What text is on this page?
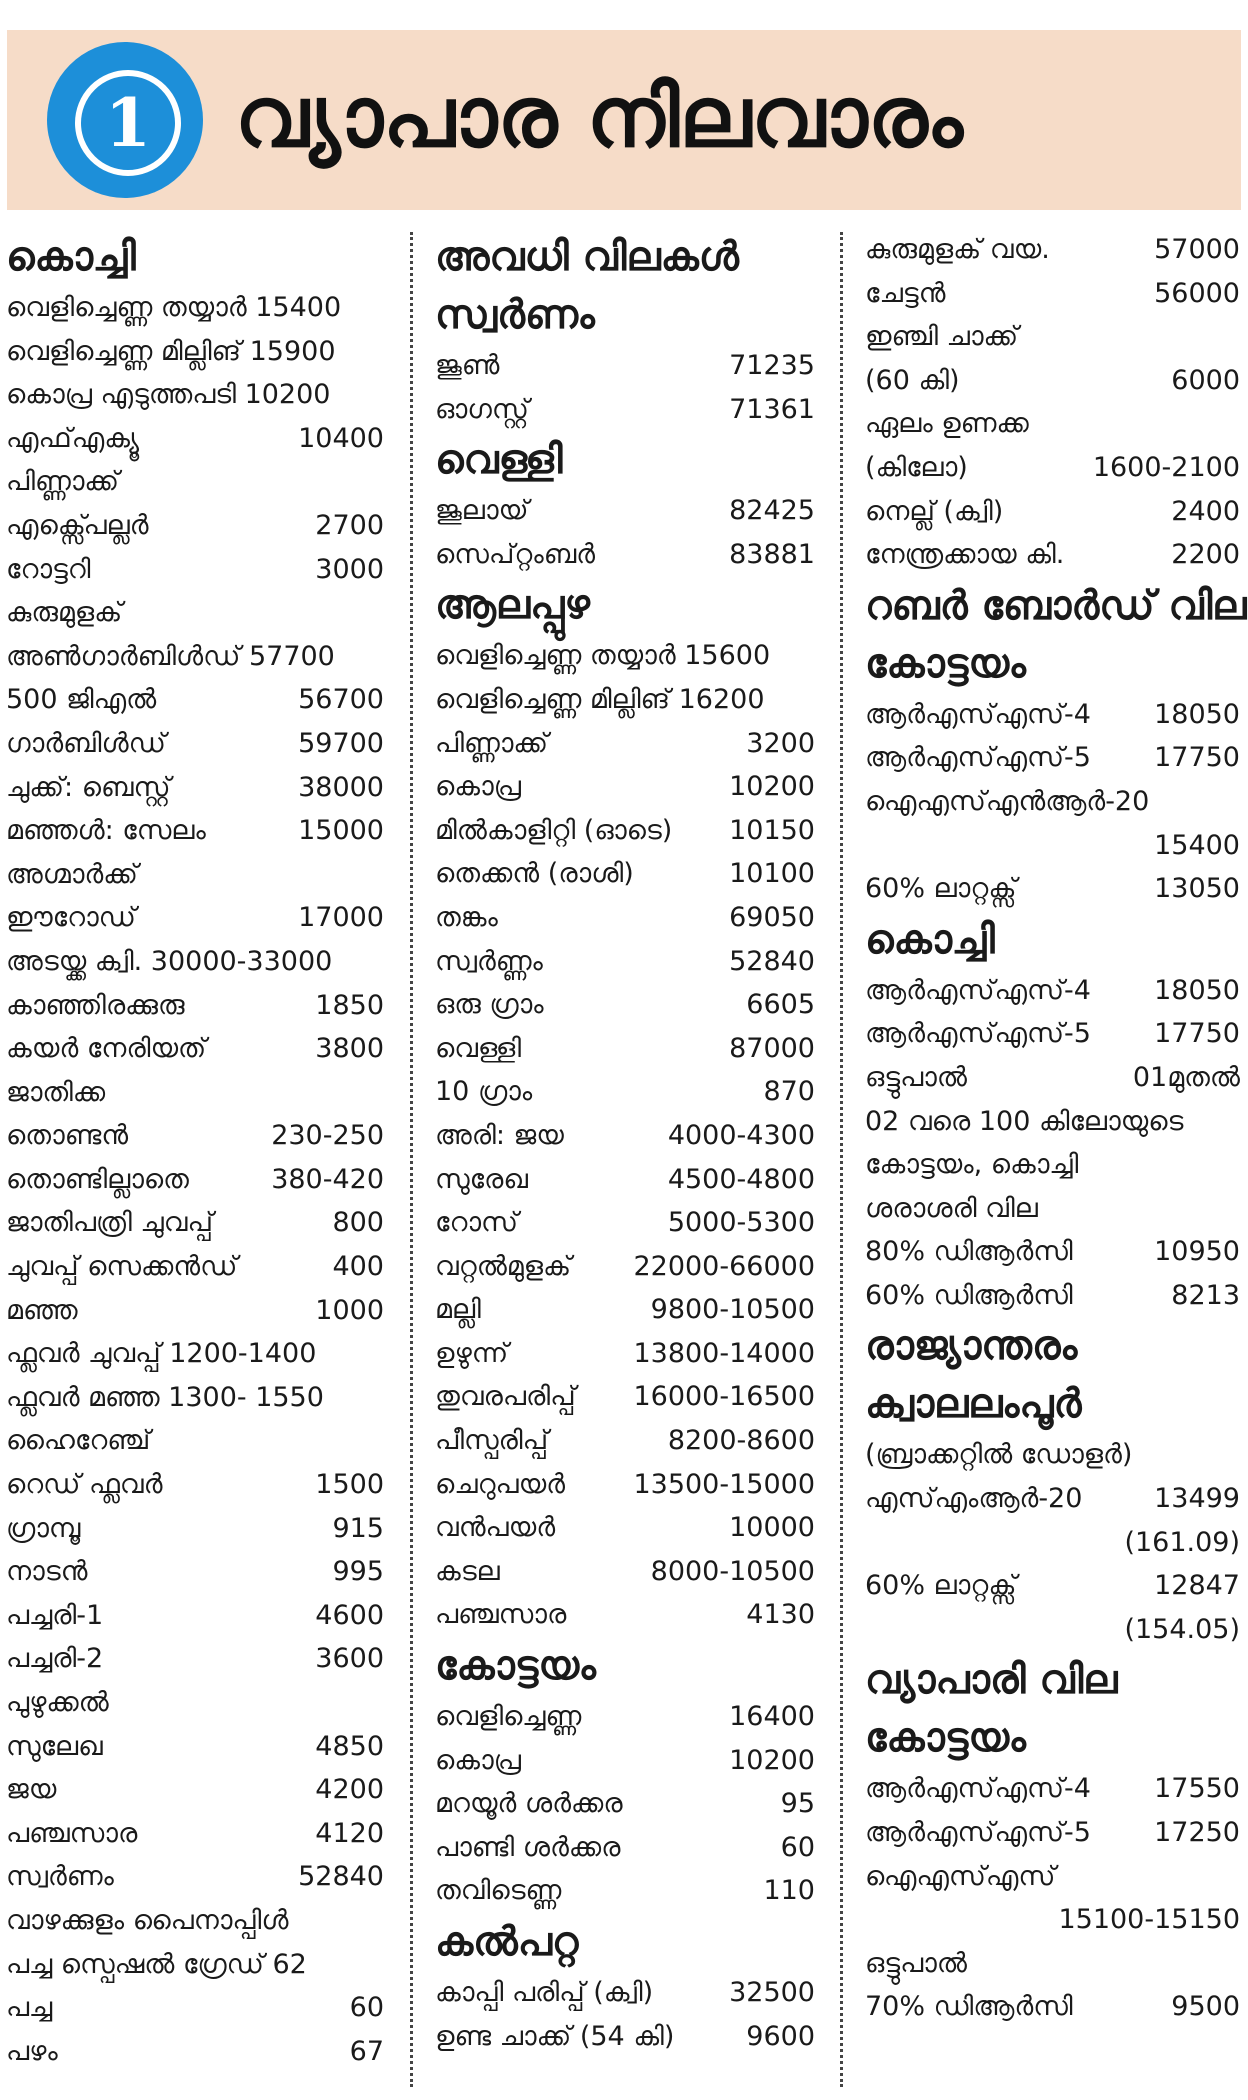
1	വ്യാപാര നിലവാരം
കൊച്ചി
വെളിച്ചെണ്ണ തയ്യാർ 15400
വെളിച്ചെണ്ണ മില്ലിങ് 15900
കൊപ്ര എടുത്തപടി 10200
എഫ്എക്യൂ	10400
പിണ്ണാക്ക്
എക്സ്പെല്ലർ	2700
റോട്ടറി	3000
കുരുമുളക്
അൺഗാർബിൾഡ് 57700
500 ജിഎൽ	56700
ഗാർബിൾഡ്	59700
ചുക്ക്: ബെസ്റ്റ്	38000
മഞ്ഞൾ: സേലം	15000
അഗ്മാർക്ക്
ഈറോഡ്	17000
അടയ്ക്ക ക്വി. 30000-33000
കാഞ്ഞിരക്കുരു	1850
കയർ നേരിയത്	3800
ജാതിക്ക
തൊണ്ടൻ	230-250
തൊണ്ടില്ലാതെ	380-420
ജാതിപത്രി ചുവപ്പ്	800
ചുവപ്പ് സെക്കൻഡ്	400
മഞ്ഞ	1000
ഫ്ലവർ ചുവപ്പ് 1200-1400
ഫ്ലവർ മഞ്ഞ 1300- 1550
ഹൈറേഞ്ച്
റെഡ് ഫ്ലവർ	1500
ഗ്രാമ്പൂ	915
നാടൻ	995
പച്ചരി-1	4600
പച്ചരി-2	3600
പുഴുക്കൽ
സുലേഖ	4850
ജയ	4200
പഞ്ചസാര	4120
സ്വർണം	52840
വാഴക്കുളം പൈനാപ്പിൾ
പച്ച സ്പെഷൽ ഗ്രേഡ് 62
പച്ച	60
പഴം	67
അവധി വിലകൾ
സ്വർണം
ജൂൺ	71235
ഓഗസ്റ്റ്	71361
വെള്ളി
ജൂലായ്	82425
സെപ്റ്റംബർ	83881
ആലപ്പുഴ
വെളിച്ചെണ്ണ തയ്യാർ 15600
വെളിച്ചെണ്ണ മില്ലിങ് 16200
പിണ്ണാക്ക്	3200
കൊപ്ര	10200
മിൽകാളിറ്റി (ഓടെ) 10150
തെക്കൻ (രാശി)	10100
തങ്കം	69050
സ്വർണ്ണം	52840
ഒരു ഗ്രാം	6605
വെള്ളി	87000
10 ഗ്രാം	870
അരി: ജയ	4000-4300
സുരേഖ	4500-4800
റോസ്	5000-5300
വറ്റൽമുളക് 22000-66000
മല്ലി	9800-10500
ഉഴുന്ന്	13800-14000
തുവരപരിപ്പ് 16000-16500
പീസ്പരിപ്പ്	8200-8600
ചെറുപയർ	13500-15000
വൻപയർ	10000
കടല	8000-10500
പഞ്ചസാര	4130
കോട്ടയം
വെളിച്ചെണ്ണ	16400
കൊപ്ര	10200
മറയൂർ ശർക്കര	95
പാണ്ടി ശർക്കര	60
തവിടെണ്ണ	110
കൽപറ്റ
കാപ്പി പരിപ്പ് (ക്വി)	32500
ഉണ്ട ചാക്ക് (54 കി)	9600
കുരുമുളക് വയ.	57000
ചേട്ടൻ	56000
ഇഞ്ചി ചാക്ക്
(60 കി)	6000
ഏലം ഉണക്ക
(കിലോ)	1600-2100
നെല്ല് (ക്വി)	2400
നേന്ത്രക്കായ കി.	2200
റബർ ബോർഡ് വില
കോട്ടയം
ആർഎസ്എസ്-4 18050
ആർഎസ്എസ്-5 17750
ഐഎസ്എൻആർ-20
15400
60% ലാറ്റക്സ്	13050
കൊച്ചി
ആർഎസ്എസ്-4 18050
ആർഎസ്എസ്-5 17750
ഒട്ടുപാൽ	01മുതൽ
02 വരെ 100 കിലോയുടെ
കോട്ടയം, കൊച്ചി
ശരാശരി വില
80% ഡിആർസി	10950
60% ഡിആർസി	8213
രാജ്യാന്തരം
ക്വാലലംപൂർ
(ബ്രാക്കറ്റിൽ ഡോളർ)
എസ്എംആർ-20	13499
(161.09)
60% ലാറ്റക്സ്	12847
(154.05)
വ്യാപാരി വില
കോട്ടയം
ആർഎസ്എസ്-4 17550
ആർഎസ്എസ്-5 17250
ഐഎസ്എസ്
15100-15150
ഒട്ടുപാൽ
70% ഡിആർസി	9500
